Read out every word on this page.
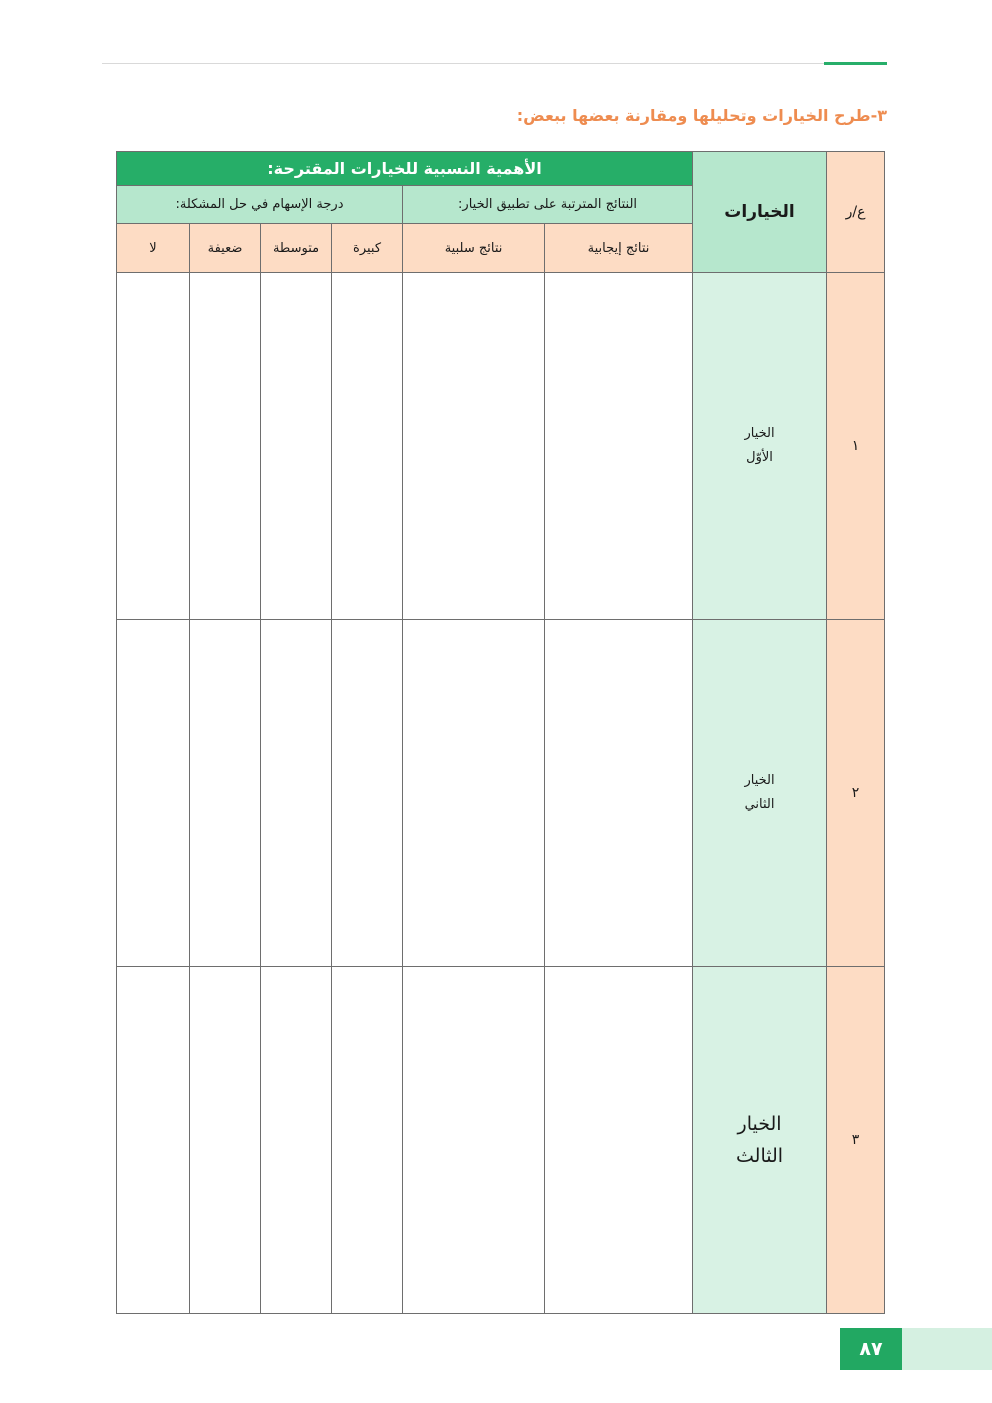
٣-طرح الخيارات وتحليلها ومقارنة بعضها ببعض:
ع/ر	الخيارات	الأهمية النسبية للخيارات المقترحة:					
		النتائج المترتبة على تطبيق الخيار:		درجة الإسهام في حل المشكلة:			
		نتائج إيجابية	نتائج سلبية	كبيرة	متوسطة	ضعيفة	لا
١	الخيار
الأوّل						

٢	الخيار
الثاني						

٣	الخيار
الثالث						

٨٧
